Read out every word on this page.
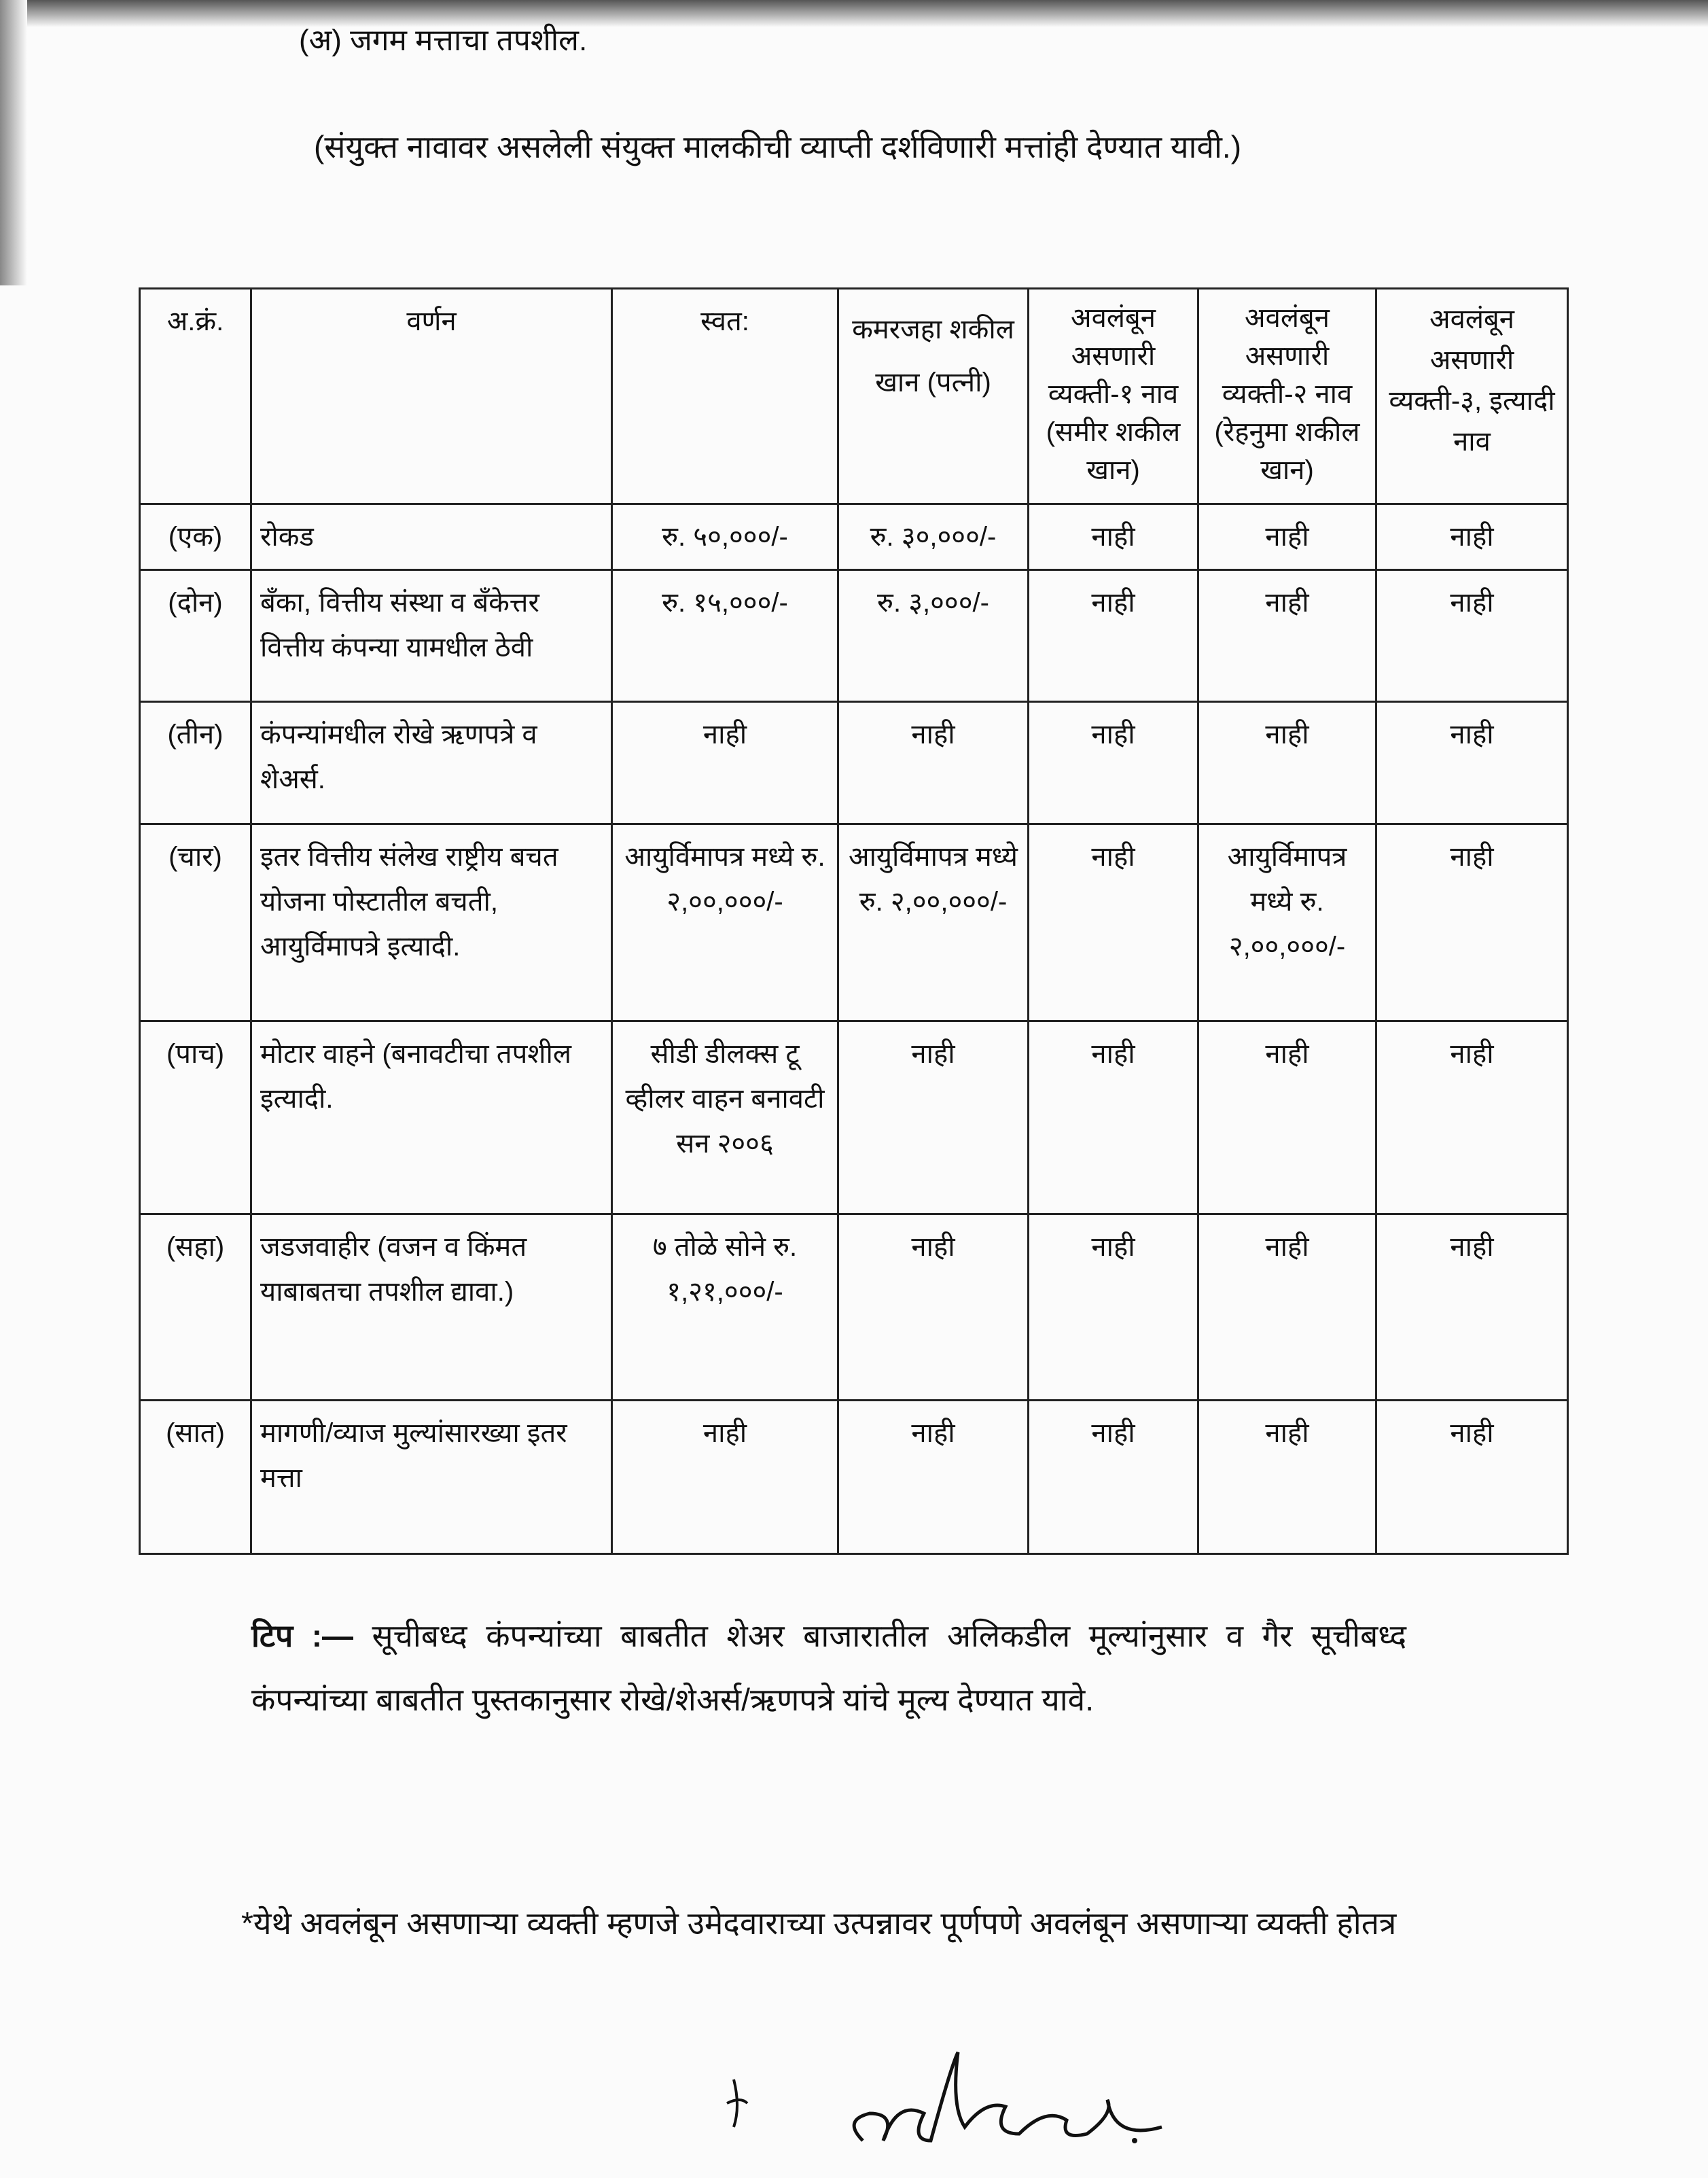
(अ) जगम मत्ताचा तपशील.
(संयुक्त नावावर असलेली संयुक्त मालकीची व्याप्ती दर्शविणारी मत्तांही देण्यात यावी.)
अ.क्रं.	वर्णन	स्वत:	कमरजहा शकील खान (पत्नी)	अवलंबून असणारी व्यक्ती-१ नाव (समीर शकील खान)	अवलंबून असणारी व्यक्ती-२ नाव (रेहनुमा शकील खान)	अवलंबून असणारी व्यक्ती-३, इत्यादी नाव
(एक)	रोकड	रु. ५०,०००/-	रु. ३०,०००/-	नाही	नाही	नाही
(दोन)	बँका, वित्तीय संस्था व बँकेत्तर वित्तीय कंपन्या यामधील ठेवी	रु. १५,०००/-	रु. ३,०००/-	नाही	नाही	नाही
(तीन)	कंपन्यांमधील रोखे ऋणपत्रे व शेअर्स.	नाही	नाही	नाही	नाही	नाही
(चार)	इतर वित्तीय संलेख राष्ट्रीय बचत योजना पोस्टातील बचती, आयुर्विमापत्रे इत्यादी.	आयुर्विमापत्र मध्ये रु. २,००,०००/-	आयुर्विमापत्र मध्ये रु. २,००,०००/-	नाही	आयुर्विमापत्र मध्ये रु. २,००,०००/-	नाही
(पाच)	मोटार वाहने (बनावटीचा तपशील इत्यादी.	सीडी डीलक्स टू व्हीलर वाहन बनावटी सन २००६	नाही	नाही	नाही	नाही
(सहा)	जडजवाहीर (वजन व किंमत याबाबतचा तपशील द्यावा.)	७ तोळे सोने रु. १,२१,०००/-	नाही	नाही	नाही	नाही
(सात)	मागणी/व्याज मुल्यांसारख्या इतर मत्ता	नाही	नाही	नाही	नाही	नाही
टिप :— सूचीबध्द कंपन्यांच्या बाबतीत शेअर बाजारातील अलिकडील मूल्यांनुसार व गैर सूचीबध्द कंपन्यांच्या बाबतीत पुस्तकानुसार रोखे/शेअर्स/ऋणपत्रे यांचे मूल्य देण्यात यावे.
*येथे अवलंबून असणाऱ्या व्यक्ती म्हणजे उमेदवाराच्या उत्पन्नावर पूर्णपणे अवलंबून असणाऱ्या व्यक्ती होतत्र
